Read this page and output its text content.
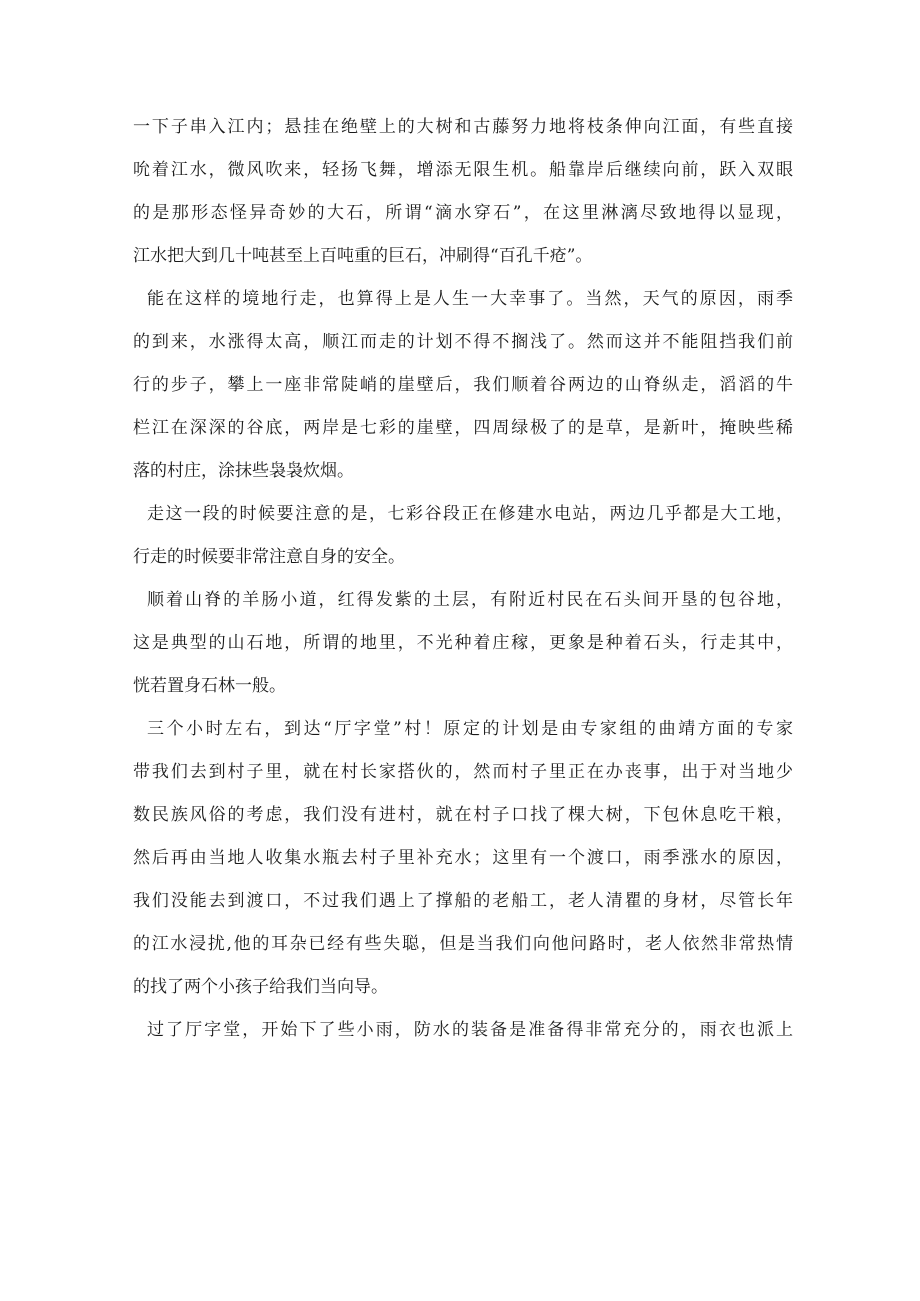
一下子串入江内；悬挂在绝壁上的大树和古藤努力地将枝条伸向江面，有些直接
吮着江水，微风吹来，轻扬飞舞，增添无限生机。船靠岸后继续向前，跃入双眼
的是那形态怪异奇妙的大石，所谓“滴水穿石”，在这里淋漓尽致地得以显现，
江水把大到几十吨甚至上百吨重的巨石，冲刷得“百孔千疮”。
能在这样的境地行走，也算得上是人生一大幸事了。当然，天气的原因，雨季
的到来，水涨得太高，顺江而走的计划不得不搁浅了。然而这并不能阻挡我们前
行的步子，攀上一座非常陡峭的崖壁后，我们顺着谷两边的山脊纵走，滔滔的牛
栏江在深深的谷底，两岸是七彩的崖壁，四周绿极了的是草，是新叶，掩映些稀
落的村庄，涂抹些袅袅炊烟。
走这一段的时候要注意的是，七彩谷段正在修建水电站，两边几乎都是大工地，
行走的时候要非常注意自身的安全。
顺着山脊的羊肠小道，红得发紫的土层，有附近村民在石头间开垦的包谷地，
这是典型的山石地，所谓的地里，不光种着庄稼，更象是种着石头，行走其中，
恍若置身石林一般。
三个小时左右，到达“厅字堂”村！原定的计划是由专家组的曲靖方面的专家
带我们去到村子里，就在村长家搭伙的，然而村子里正在办丧事，出于对当地少
数民族风俗的考虑，我们没有进村，就在村子口找了棵大树，下包休息吃干粮，
然后再由当地人收集水瓶去村子里补充水；这里有一个渡口，雨季涨水的原因，
我们没能去到渡口，不过我们遇上了撑船的老船工，老人清瞿的身材，尽管长年
的江水浸扰,他的耳杂已经有些失聪，但是当我们向他问路时，老人依然非常热情
的找了两个小孩子给我们当向导。
过了厅字堂，开始下了些小雨，防水的装备是准备得非常充分的，雨衣也派上
